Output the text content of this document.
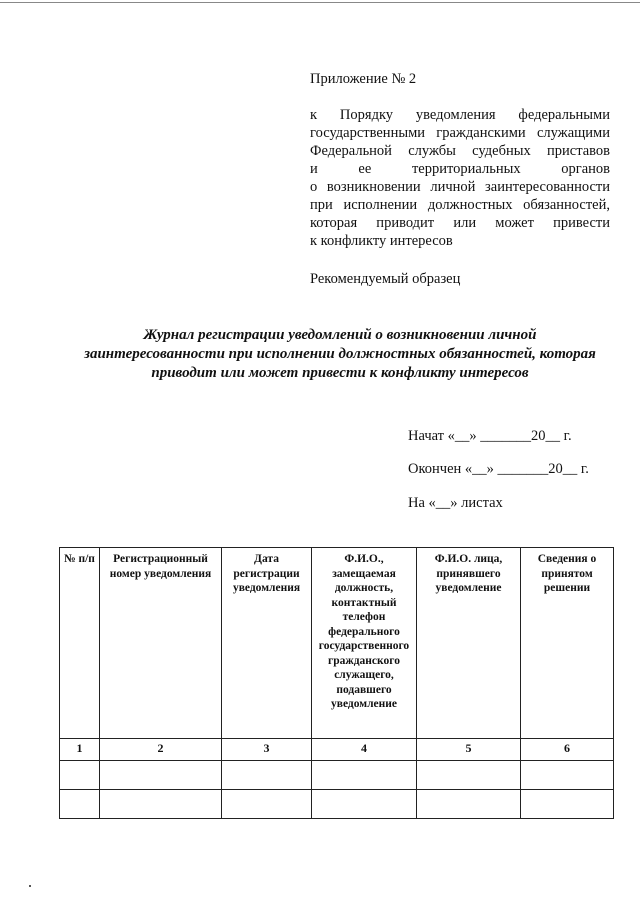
Приложение № 2
к Порядку уведомления федеральными
государственными гражданскими служащими
Федеральной службы судебных приставов
и ее территориальных органов
о возникновении личной заинтересованности
при исполнении должностных обязанностей,
которая приводит или может привести
к конфликту интересов
Рекомендуемый образец
Журнал регистрации уведомлений о возникновении личной
заинтересованности при исполнении должностных обязанностей, которая
приводит или может привести к конфликту интересов
Начат «__» _______20__ г.
Окончен «__» _______20__ г.
На «__» листах
№ п/п	Регистрационный номер уведомления	Дата регистрации уведомления	Ф.И.О., замещаемая должность, контактный телефон федерального государственного гражданского служащего, подавшего уведомление	Ф.И.О. лица, принявшего уведомление	Сведения о принятом решении
1	2	3	4	5	6
